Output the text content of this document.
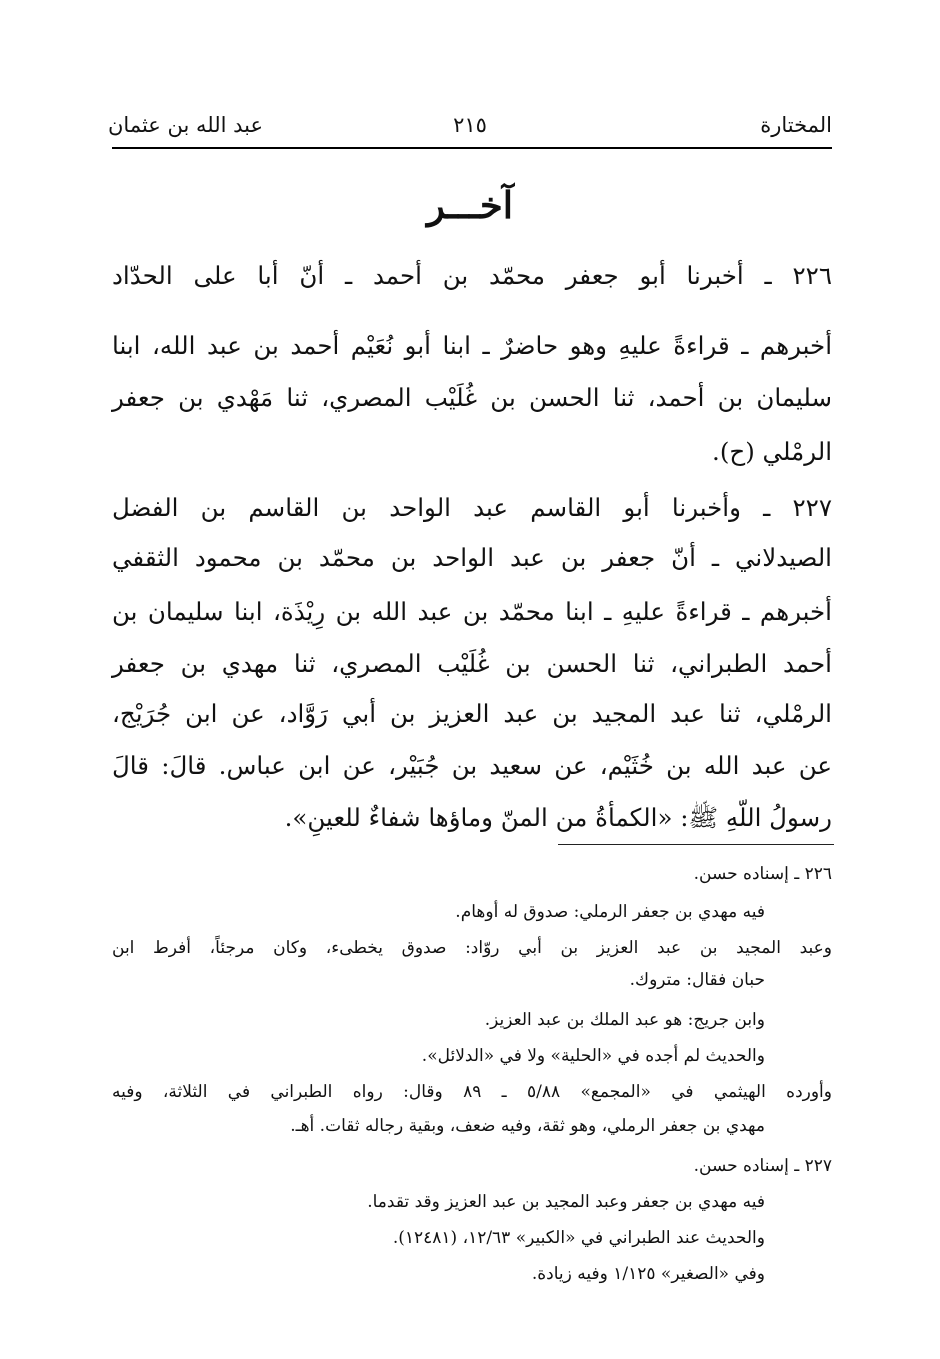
المختارة
٢١٥
عبد الله بن عثمان
آخـــر
٢٢٦ ـ أخبرنا أبو جعفر محمّد بن أحمد ـ أنّ أبا على الحدّاد
أخبرهم ـ قراءةً عليهِ وهو حاضرٌ ـ ابنا أبو نُعَيْم أحمد بن عبد الله، ابنا
سليمان بن أحمد، ثنا الحسن بن غُلَيْب المصري، ثنا مَهْدي بن جعفر
الرمْلي (ح).
٢٢٧ ـ وأخبرنا أبو القاسم عبد الواحد بن القاسم بن الفضل
الصيدلاني ـ أنّ جعفر بن عبد الواحد بن محمّد بن محمود الثقفي
أخبرهم ـ قراءةً عليهِ ـ ابنا محمّد بن عبد الله بن رِيْذَة، ابنا سليمان بن
أحمد الطبراني، ثنا الحسن بن غُلَيْب المصري، ثنا مهدي بن جعفر
الرمْلي، ثنا عبد المجيد بن عبد العزيز بن أبي رَوَّاد، عن ابن جُرَيْج،
عن عبد الله بن خُثَيْم، عن سعيد بن جُبَيْر، عن ابن عباس. قالَ: قالَ
رسولُ اللّهِ ﷺ: «الكمأةُ من المنّ وماؤها شفاءٌ للعينِ».
٢٢٦ ـ إسناده حسن.
فيه مهدي بن جعفر الرملي: صدوق له أوهام.
وعبد المجيد بن عبد العزيز بن أبي روّاد: صدوق يخطىء، وكان مرجئاً، أفرط ابن
حبان فقال: متروك.
وابن جريج: هو عبد الملك بن عبد العزيز.
والحديث لم أجده في «الحلية» ولا في «الدلائل».
وأورده الهيثمي في «المجمع» ٥/٨٨ ـ ٨٩ وقال: رواه الطبراني في الثلاثة، وفيه
مهدي بن جعفر الرملي، وهو ثقة، وفيه ضعف، وبقية رجاله ثقات. أهـ.
٢٢٧ ـ إسناده حسن.
فيه مهدي بن جعفر وعبد المجيد بن عبد العزيز وقد تقدما.
والحديث عند الطبراني في «الكبير» ١٢/٦٣، (١٢٤٨١).
وفي «الصغير» ١/١٢٥ وفيه زيادة.
